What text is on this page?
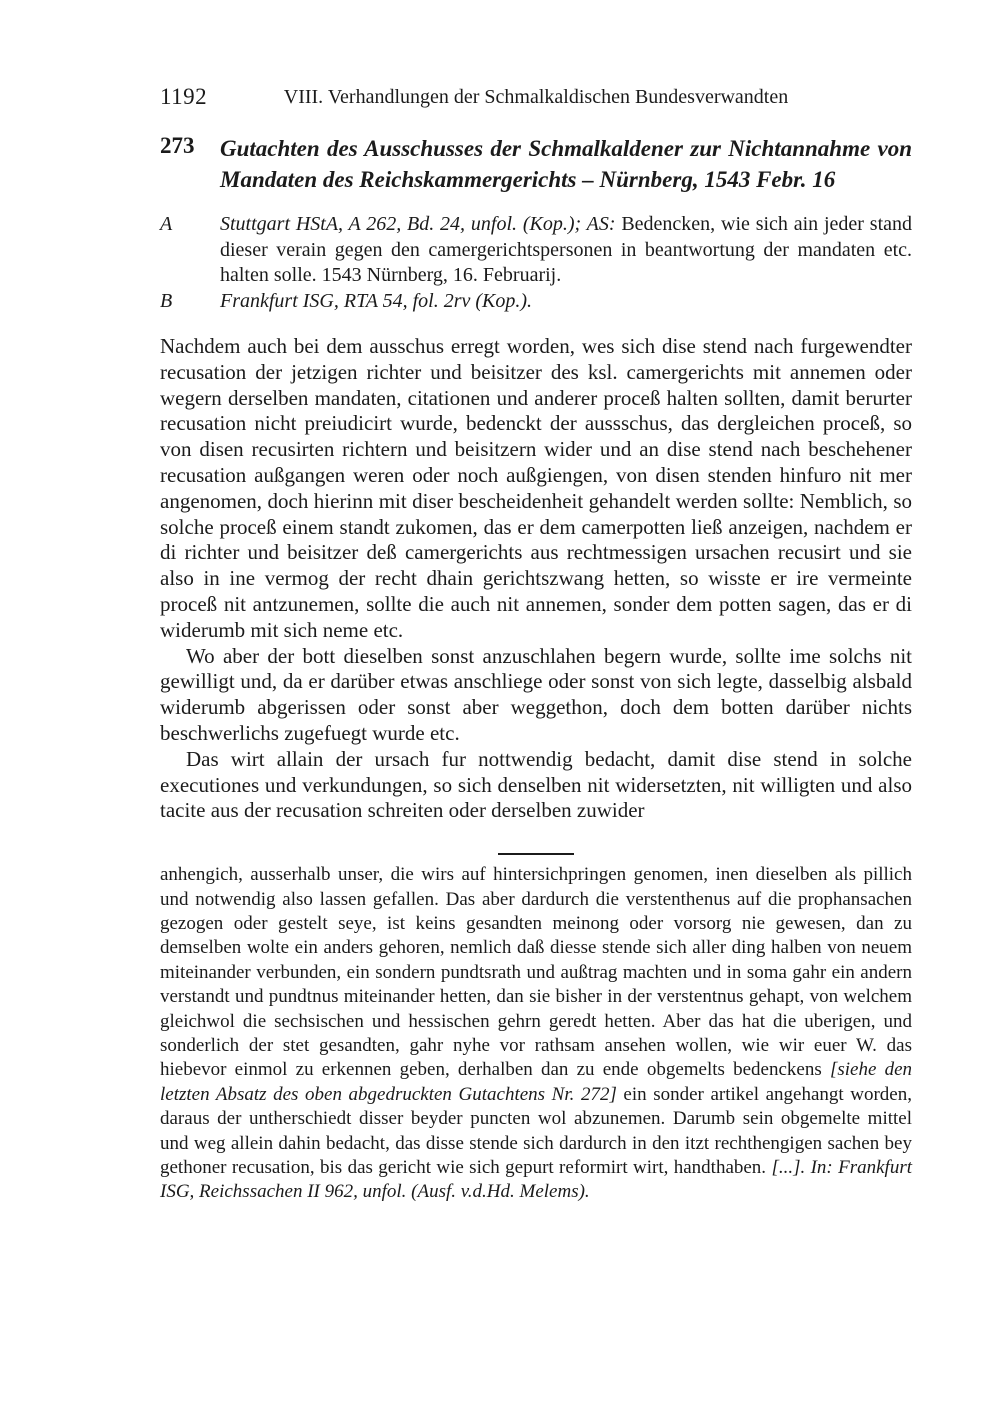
1192	VIII. Verhandlungen der Schmalkaldischen Bundesverwandten
273	Gutachten des Ausschusses der Schmalkaldener zur Nichtannahme von Mandaten des Reichskammergerichts – Nürnberg, 1543 Febr. 16
A	Stuttgart HStA, A 262, Bd. 24, unfol. (Kop.); AS: Bedencken, wie sich ain jeder stand dieser verain gegen den camergerichtspersonen in beantwortung der mandaten etc. halten solle. 1543 Nürnberg, 16. Februarij.

B	Frankfurt ISG, RTA 54, fol. 2rv (Kop.).

Nachdem auch bei dem ausschus erregt worden, wes sich dise stend nach furgewendter recusation der jetzigen richter und beisitzer des ksl. camergerichts mit annemen oder wegern derselben mandaten, citationen und anderer proceß halten sollten, damit berurter recusation nicht preiudicirt wurde, bedenckt der aussschus, das dergleichen proceß, so von disen recusirten richtern und beisitzern wider und an dise stend nach beschehener recusation außgangen weren oder noch außgiengen, von disen stenden hinfuro nit mer angenomen, doch hierinn mit diser bescheidenheit gehandelt werden sollte: Nemblich, so solche proceß einem standt zukomen, das er dem camerpotten ließ anzeigen, nachdem er di richter und beisitzer deß camergerichts aus rechtmessigen ursachen recusirt und sie also in ine vermog der recht dhain gerichtszwang hetten, so wisste er ire vermeinte proceß nit antzunemen, sollte die auch nit annemen, sonder dem potten sagen, das er di widerumb mit sich neme etc.

Wo aber der bott dieselben sonst anzuschlahen begern wurde, sollte ime solchs nit gewilligt und, da er darüber etwas anschliege oder sonst von sich legte, dasselbig alsbald widerumb abgerissen oder sonst aber weggethon, doch dem botten darüber nichts beschwerlichs zugefuegt wurde etc.

Das wirt allain der ursach fur nottwendig bedacht, damit dise stend in solche executiones und verkundungen, so sich denselben nit widersetzten, nit willigten und also tacite aus der recusation schreiten oder derselben zuwider

anhengich, ausserhalb unser, die wirs auf hintersichpringen genomen, inen dieselben als pillich und notwendig also lassen gefallen. Das aber dardurch die verstenthenus auf die prophansachen gezogen oder gestelt seye, ist keins gesandten meinong oder vorsorg nie gewesen, dan zu demselben wolte ein anders gehoren, nemlich daß diesse stende sich aller ding halben von neuem miteinander verbunden, ein sondern pundtsrath und außtrag machten und in soma gahr ein andern verstandt und pundtnus miteinander hetten, dan sie bisher in der verstentnus gehapt, von welchem gleichwol die sechsischen und hessischen gehrn geredt hetten. Aber das hat die uberigen, und sonderlich der stet gesandten, gahr nyhe vor rathsam ansehen wollen, wie wir euer W. das hiebevor einmol zu erkennen geben, derhalben dan zu ende obgemelts bedenckens [siehe den letzten Absatz des oben abgedruckten Gutachtens Nr. 272] ein sonder artikel angehangt worden, daraus der untherschiedt disser beyder puncten wol abzunemen. Darumb sein obgemelte mittel und weg allein dahin bedacht, das disse stende sich dardurch in den itzt rechthengigen sachen bey gethoner recusation, bis das gericht wie sich gepurt reformirt wirt, handthaben. [...]. In: Frankfurt ISG, Reichssachen II 962, unfol. (Ausf. v.d.Hd. Melems).
